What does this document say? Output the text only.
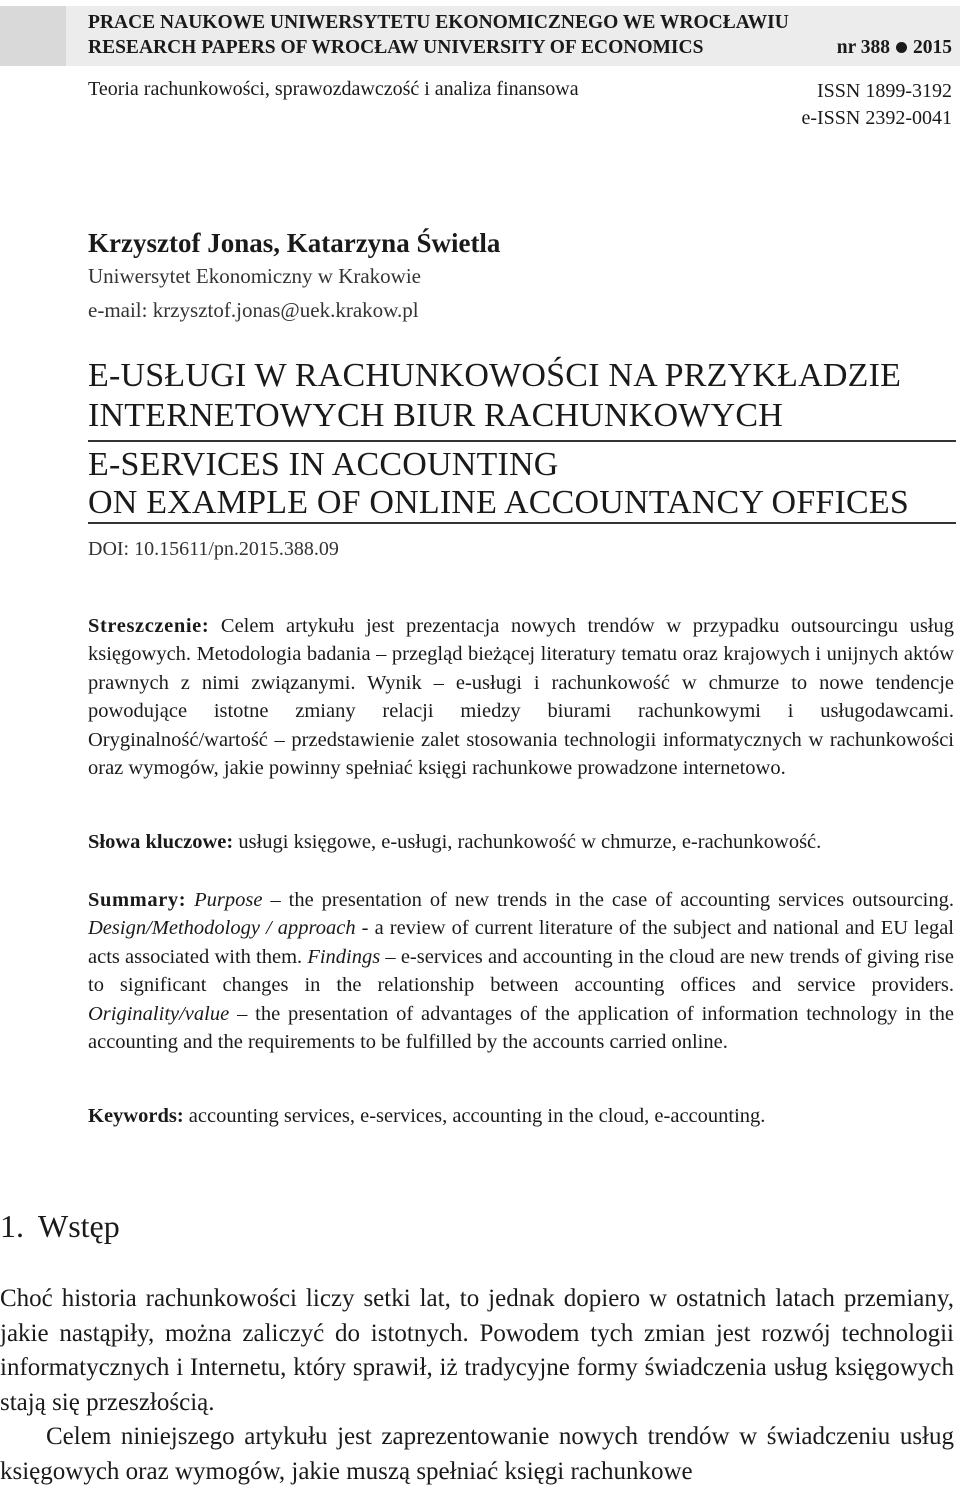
PRACE NAUKOWE UNIWERSYTETU EKONOMICZNEGO WE WROCŁAWIU
RESEARCH PAPERS OF WROCŁAW UNIVERSITY OF ECONOMICS	nr 388 2015
Teoria rachunkowości, sprawozdawczość i analiza finansowa	ISSN 1899-3192
e-ISSN 2392-0041
Krzysztof Jonas, Katarzyna Świetla
Uniwersytet Ekonomiczny w Krakowie
e-mail: krzysztof.jonas@uek.krakow.pl
E-USŁUGI W RACHUNKOWOŚCI NA PRZYKŁADZIE
INTERNETOWYCH BIUR RACHUNKOWYCH
E-SERVICES IN ACCOUNTING
ON EXAMPLE OF ONLINE ACCOUNTANCY OFFICES
DOI: 10.15611/pn.2015.388.09
Streszczenie: Celem artykułu jest prezentacja nowych trendów w przypadku outsourcingu usług księgowych. Metodologia badania – przegląd bieżącej literatury tematu oraz krajowych i unijnych aktów prawnych z nimi związanymi. Wynik – e-usługi i rachunkowość w chmurze to nowe tendencje powodujące istotne zmiany relacji miedzy biurami rachunkowymi i usługodawcami. Oryginalność/wartość – przedstawienie zalet stosowania technologii informatycznych w rachunkowości oraz wymogów, jakie powinny spełniać księgi rachunkowe prowadzone internetowo.
Słowa kluczowe: usługi księgowe, e-usługi, rachunkowość w chmurze, e-rachunkowość.
Summary: Purpose – the presentation of new trends in the case of accounting services outsourcing. Design/Methodology / approach - a review of current literature of the subject and national and EU legal acts associated with them. Findings – e-services and accounting in the cloud are new trends of giving rise to significant changes in the relationship between accounting offices and service providers. Originality/value – the presentation of advantages of the application of information technology in the accounting and the requirements to be fulfilled by the accounts carried online.
Keywords: accounting services, e-services, accounting in the cloud, e-accounting.
1. Wstęp

Choć historia rachunkowości liczy setki lat, to jednak dopiero w ostatnich latach przemiany, jakie nastąpiły, można zaliczyć do istotnych. Powodem tych zmian jest rozwój technologii informatycznych i Internetu, który sprawił, iż tradycyjne formy świadczenia usług księgowych stają się przeszłością.

Celem niniejszego artykułu jest zaprezentowanie nowych trendów w świadczeniu usług księgowych oraz wymogów, jakie muszą spełniać księgi rachunkowe
